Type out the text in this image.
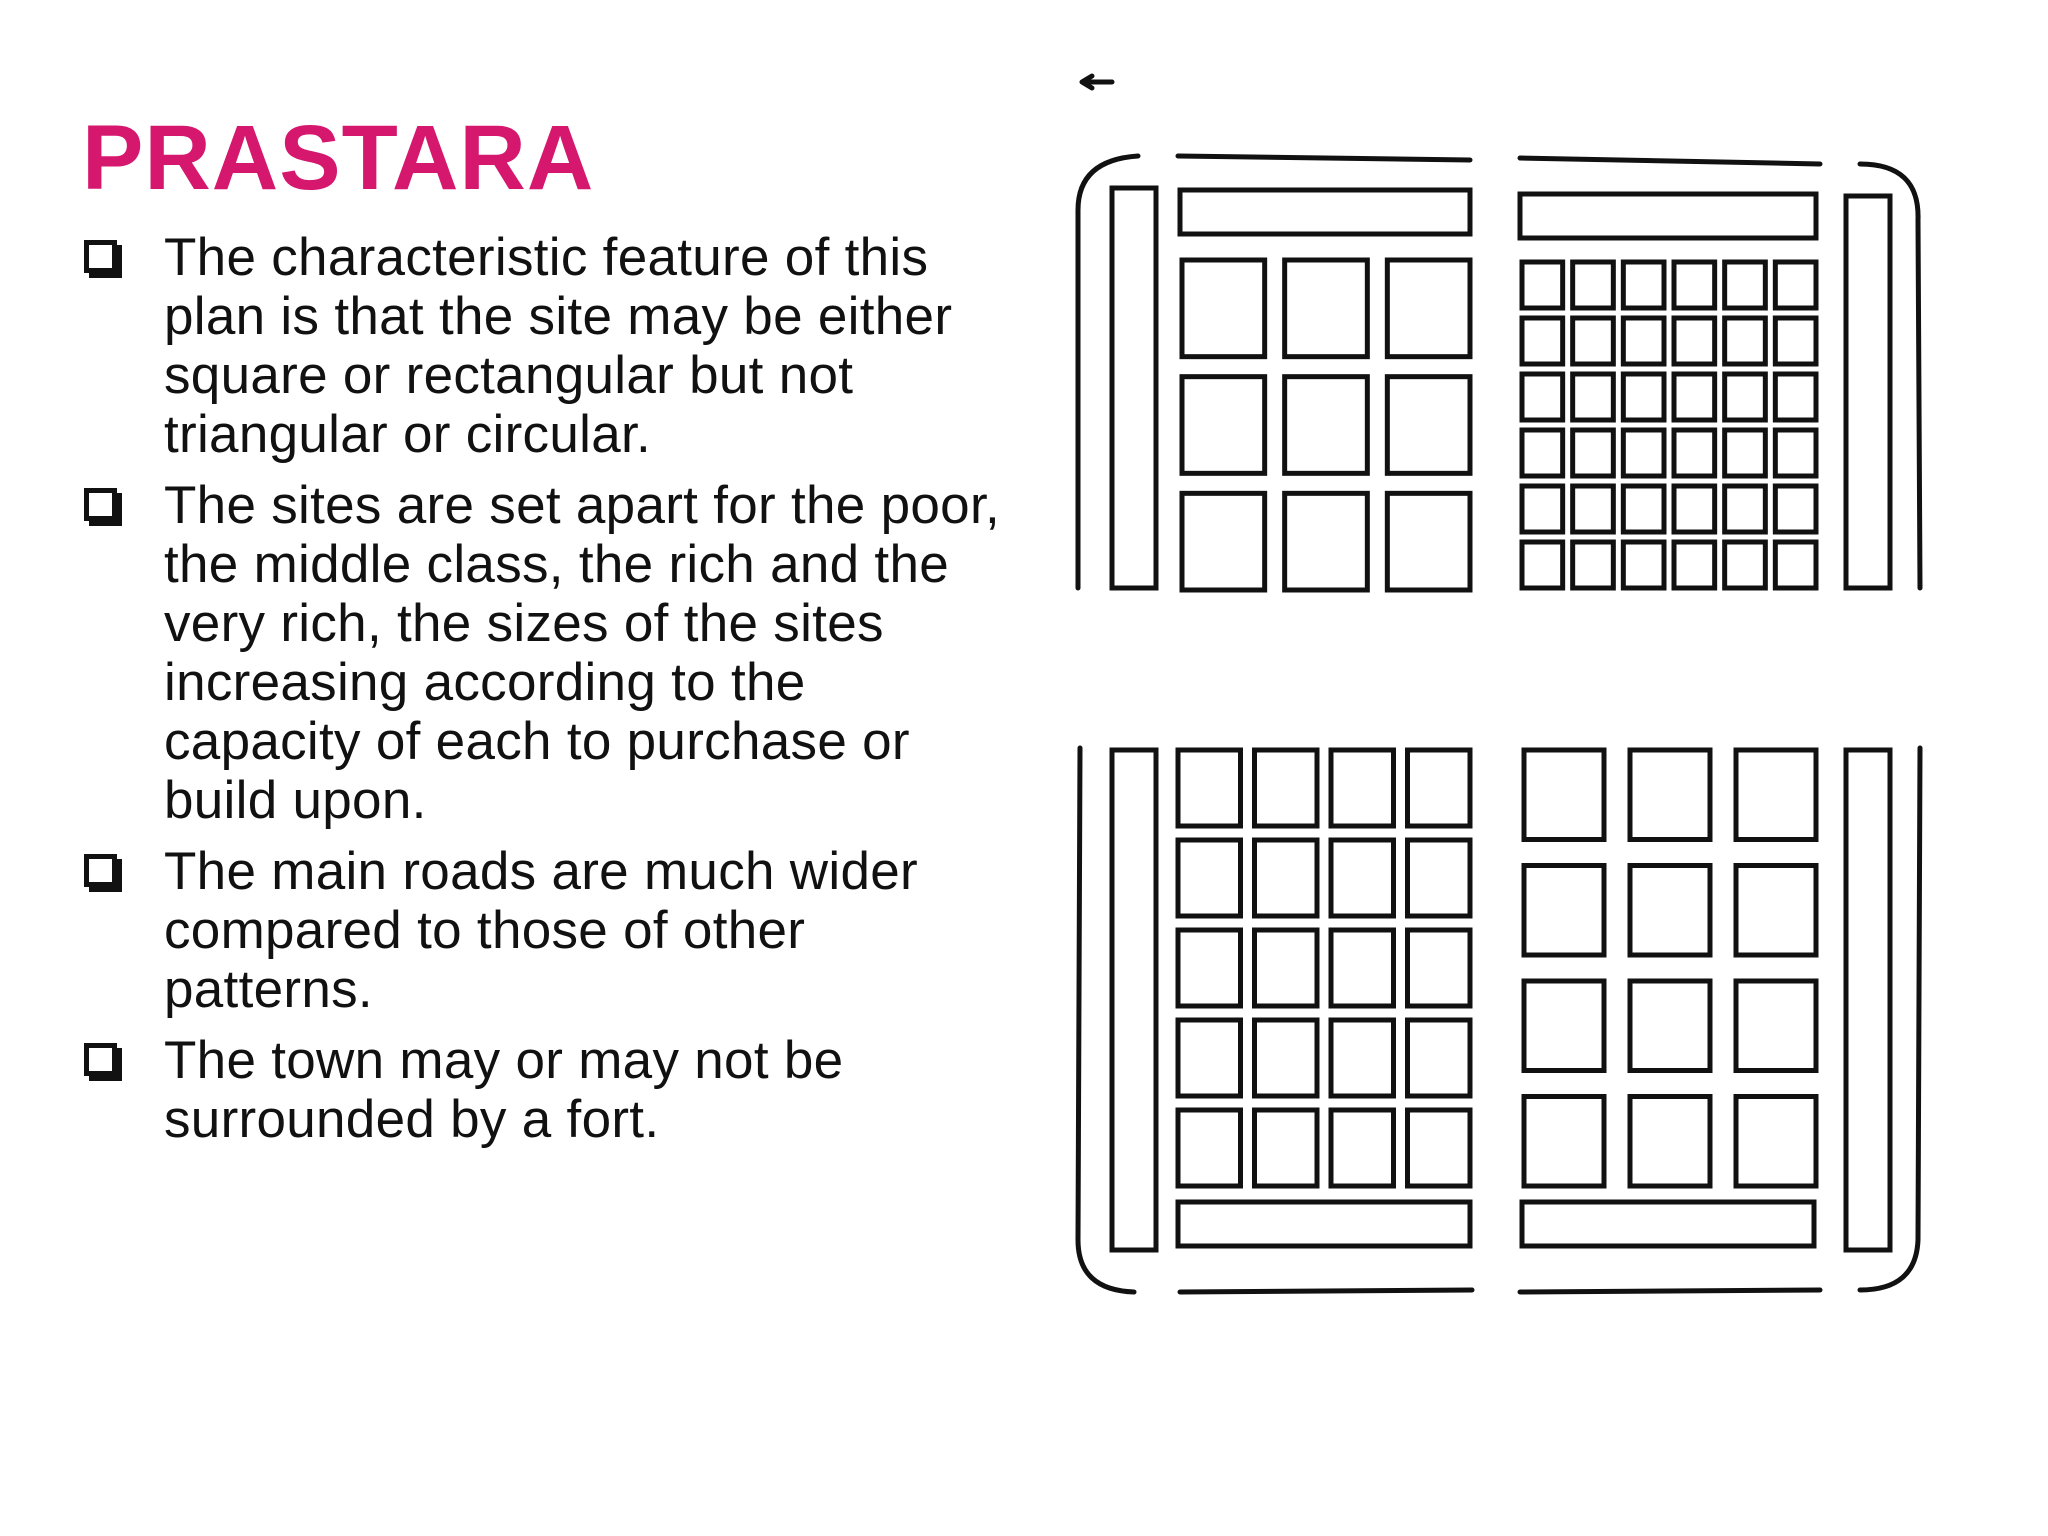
PRASTARA
The characteristic feature of this plan is that the site may be either square or rectangular but not triangular or circular.
The sites are set apart for the poor, the middle class, the rich and the very rich, the sizes of the sites increasing according to the capacity of each to purchase or build upon.
The main roads are much wider compared to those of other patterns.
The town may or may not be surrounded by a fort.
